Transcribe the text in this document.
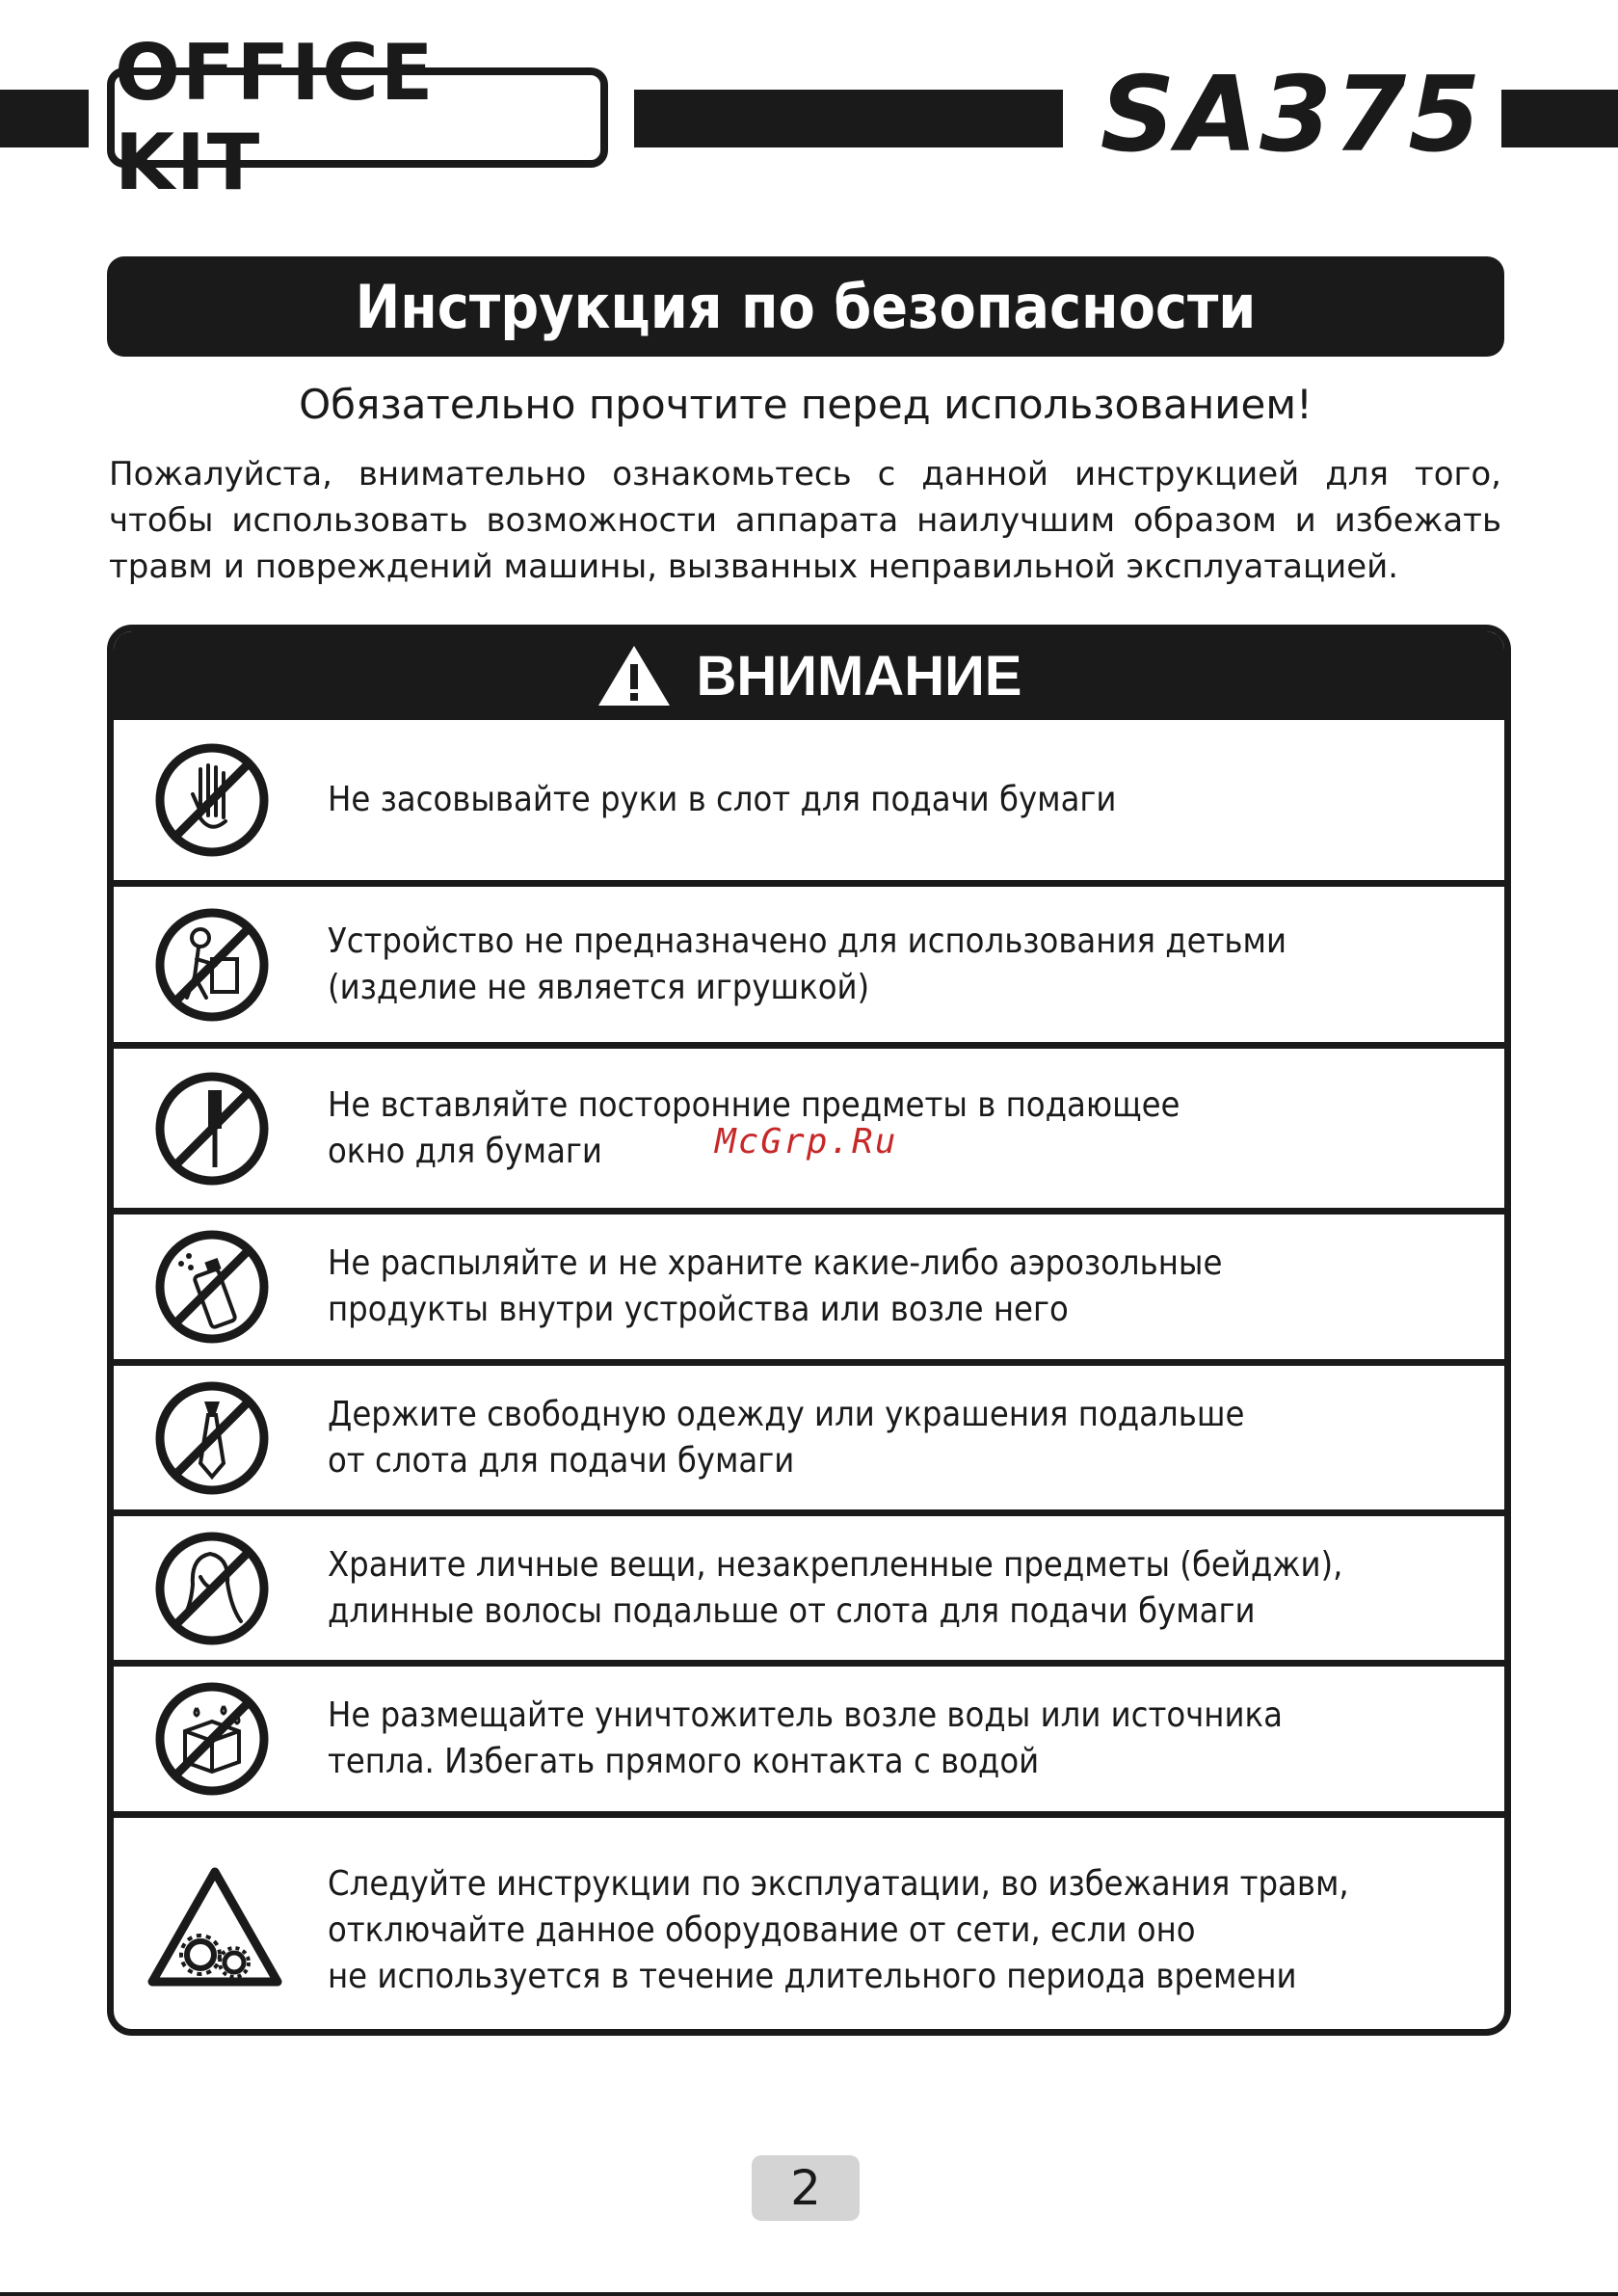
OFFICE KIT	SA375
Инструкция по безопасности
Обязательно прочтите перед использованием!
Пожалуйста, внимательно ознакомьтесь с данной инструкцией для того, чтобы использовать возможности аппарата наилучшим образом и избежать травм и повреждений машины, вызванных неправильной эксплуатацией.
ВНИМАНИЕ
Не засовывайте руки в слот для подачи бумаги
Устройство не предназначено для использования детьми
(изделие не является игрушкой)
Не вставляйте посторонние предметы в подающее
окно для бумаги
Не распыляйте и не храните какие-либо аэрозольные
продукты внутри устройства или возле него
Держите свободную одежду или украшения подальше
от слота для подачи бумаги
Храните личные вещи, незакрепленные предметы (бейджи),
длинные волосы подальше от слота для подачи бумаги
Не размещайте уничтожитель возле воды или источника
тепла. Избегать прямого контакта с водой
Следуйте инструкции по эксплуатации, во избежания травм,
отключайте данное оборудование от сети, если оно
не используется в течение длительного периода времени
McGrp.Ru
2
